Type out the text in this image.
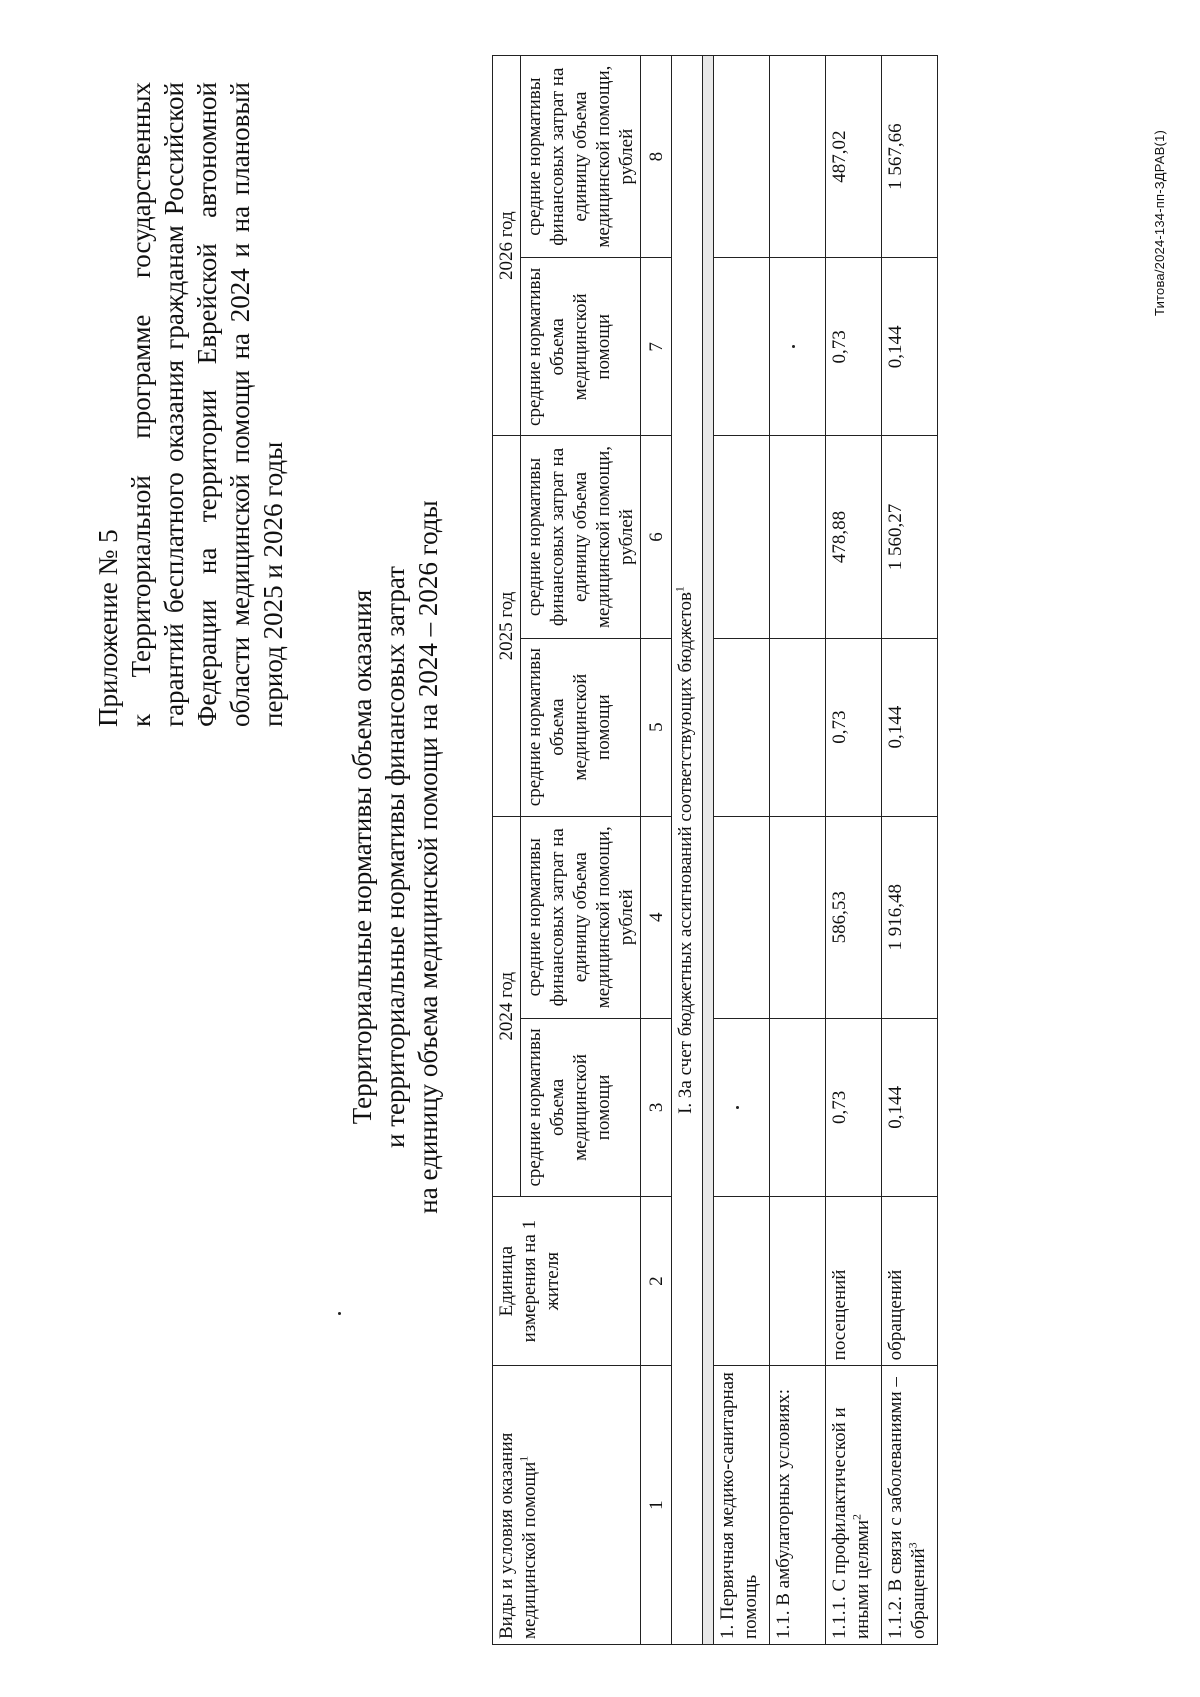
Приложение № 5 к Территориальной программе государственных гарантий бесплатного оказания гражданам Российской Федерации на территории Еврейской автономной области медицинской помощи на 2024 и на плановый период 2025 и 2026 годы
Территориальные нормативы объема оказания и территориальные нормативы финансовых затрат на единицу объема медицинской помощи на 2024 – 2026 годы
Виды и условия оказания медицинской помощи$^1$	Единица измерения на 1 жителя	2024 год		2025 год		2026 год	
		средние нормативы объема медицинской помощи	средние нормативы финансовых затрат на единицу объема медицинской помощи, рублей	средние нормативы объема медицинской помощи	средние нормативы финансовых затрат на единицу объема медицинской помощи, рублей	средние нормативы объема медицинской помощи	средние нормативы финансовых затрат на единицу объема медицинской помощи, рублей
1	2	3	4	5	6	7	8
I. За счет бюджетных ассигнований соответствующих бюджетов$^1$

1. Первичная медико-санитарная помощь							
1.1. В амбулаторных условиях:							
1.1.1. С профилактической и иными целями$^2$	посещений	0,73	586,53	0,73	478,88	0,73	487,02
1.1.2. В связи с заболеваниями – обращений$^3$	обращений	0,144	1 916,48	0,144	1 560,27	0,144	1 567,66	Титова/2024-134-пп-ЗДРАВ(1)
